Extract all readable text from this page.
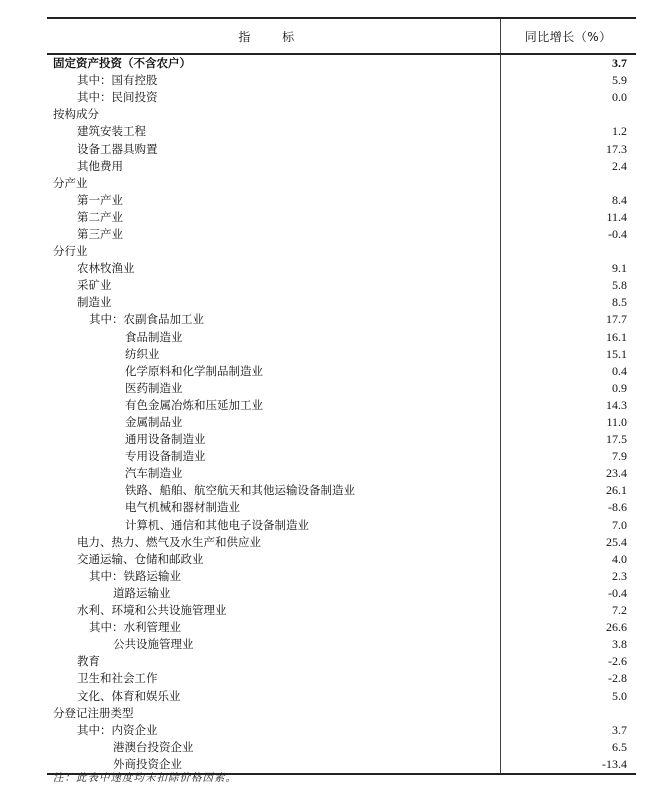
指 标	同比增长（%）
固定资产投资（不含农户）	3.7
其中：国有控股	5.9
其中：民间投资	0.0
按构成分	
建筑安装工程	1.2
设备工器具购置	17.3
其他费用	2.4
分产业	
第一产业	8.4
第二产业	11.4
第三产业	-0.4
分行业	
农林牧渔业	9.1
采矿业	5.8
制造业	8.5
其中：农副食品加工业	17.7
食品制造业	16.1
纺织业	15.1
化学原料和化学制品制造业	0.4
医药制造业	0.9
有色金属冶炼和压延加工业	14.3
金属制品业	11.0
通用设备制造业	17.5
专用设备制造业	7.9
汽车制造业	23.4
铁路、船舶、航空航天和其他运输设备制造业	26.1
电气机械和器材制造业	-8.6
计算机、通信和其他电子设备制造业	7.0
电力、热力、燃气及水生产和供应业	25.4
交通运输、仓储和邮政业	4.0
其中：铁路运输业	2.3
道路运输业	-0.4
水利、环境和公共设施管理业	7.2
其中：水利管理业	26.6
公共设施管理业	3.8
教育	-2.6
卫生和社会工作	-2.8
文化、体育和娱乐业	5.0
分登记注册类型	
其中：内资企业	3.7
港澳台投资企业	6.5
外商投资企业	-13.4
注：此表中速度均未扣除价格因素。
